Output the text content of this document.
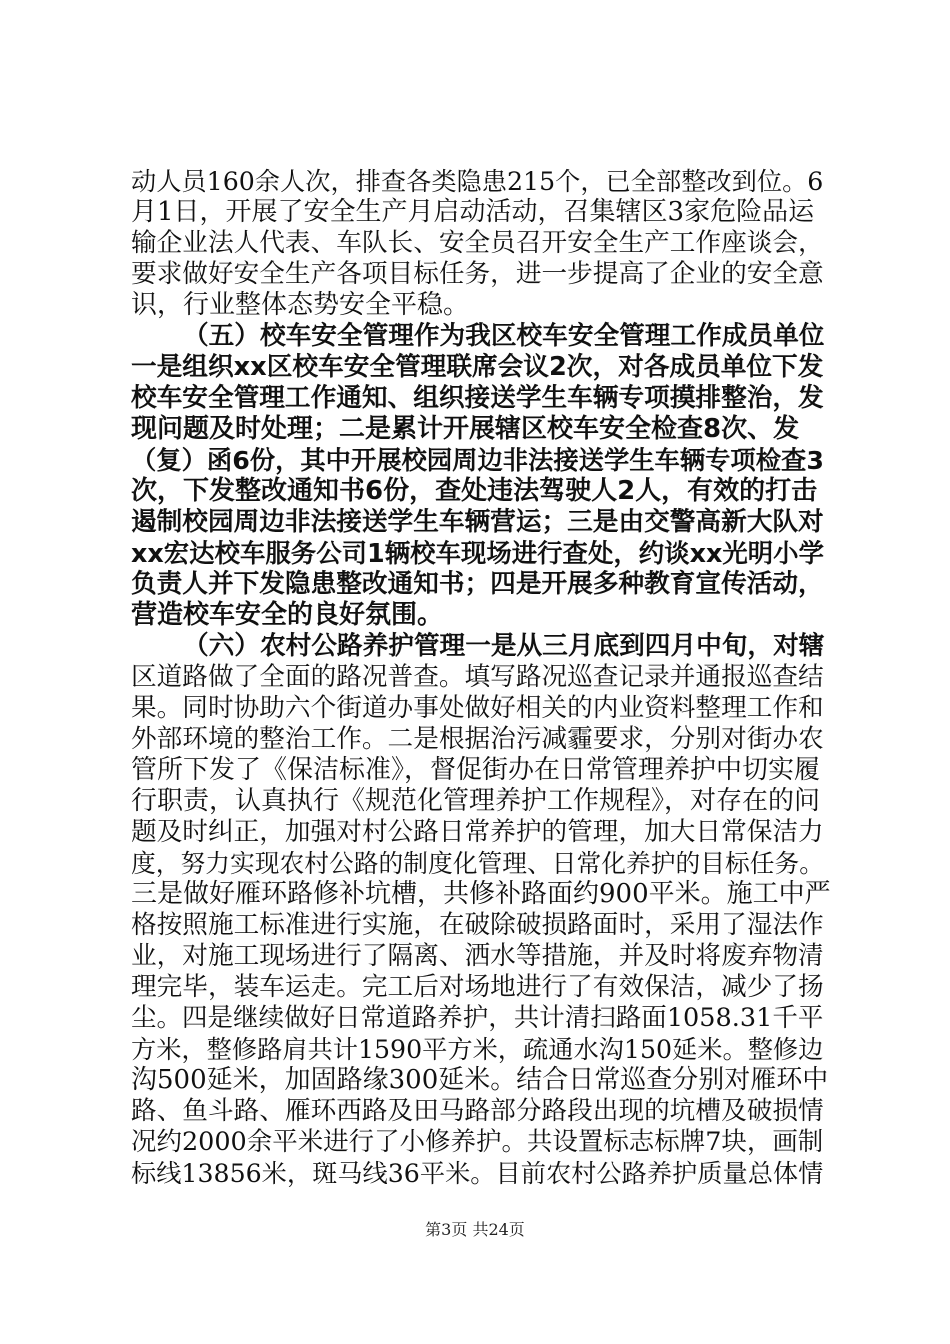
动人员160余人次，排查各类隐患215个，已全部整改到位。6
月1日，开展了安全生产月启动活动，召集辖区3家危险品运
输企业法人代表、车队长、安全员召开安全生产工作座谈会，
要求做好安全生产各项目标任务，进一步提高了企业的安全意
识，行业整体态势安全平稳。
（五）校车安全管理作为我区校车安全管理工作成员单位
一是组织xx区校车安全管理联席会议2次，对各成员单位下发
校车安全管理工作通知、组织接送学生车辆专项摸排整治，发
现问题及时处理；二是累计开展辖区校车安全检查8次、发
（复）函6份，其中开展校园周边非法接送学生车辆专项检查3
次，下发整改通知书6份，查处违法驾驶人2人，有效的打击
遏制校园周边非法接送学生车辆营运；三是由交警高新大队对
xx宏达校车服务公司1辆校车现场进行查处，约谈xx光明小学
负责人并下发隐患整改通知书；四是开展多种教育宣传活动，
营造校车安全的良好氛围。
（六）农村公路养护管理一是从三月底到四月中旬，对辖
区道路做了全面的路况普查。填写路况巡查记录并通报巡查结
果。同时协助六个街道办事处做好相关的内业资料整理工作和
外部环境的整治工作。二是根据治污减霾要求，分别对街办农
管所下发了《保洁标准》，督促街办在日常管理养护中切实履
行职责，认真执行《规范化管理养护工作规程》，对存在的问
题及时纠正，加强对村公路日常养护的管理，加大日常保洁力
度，努力实现农村公路的制度化管理、日常化养护的目标任务。
三是做好雁环路修补坑槽，共修补路面约900平米。施工中严
格按照施工标准进行实施，在破除破损路面时，采用了湿法作
业，对施工现场进行了隔离、洒水等措施，并及时将废弃物清
理完毕，装车运走。完工后对场地进行了有效保洁，减少了扬
尘。四是继续做好日常道路养护，共计清扫路面1058.31千平
方米，整修路肩共计1590平方米，疏通水沟150延米。整修边
沟500延米，加固路缘300延米。结合日常巡查分别对雁环中
路、鱼斗路、雁环西路及田马路部分路段出现的坑槽及破损情
况约2000余平米进行了小修养护。共设置标志标牌7块，画制
标线13856米，斑马线36平米。目前农村公路养护质量总体情
第3页 共24页
